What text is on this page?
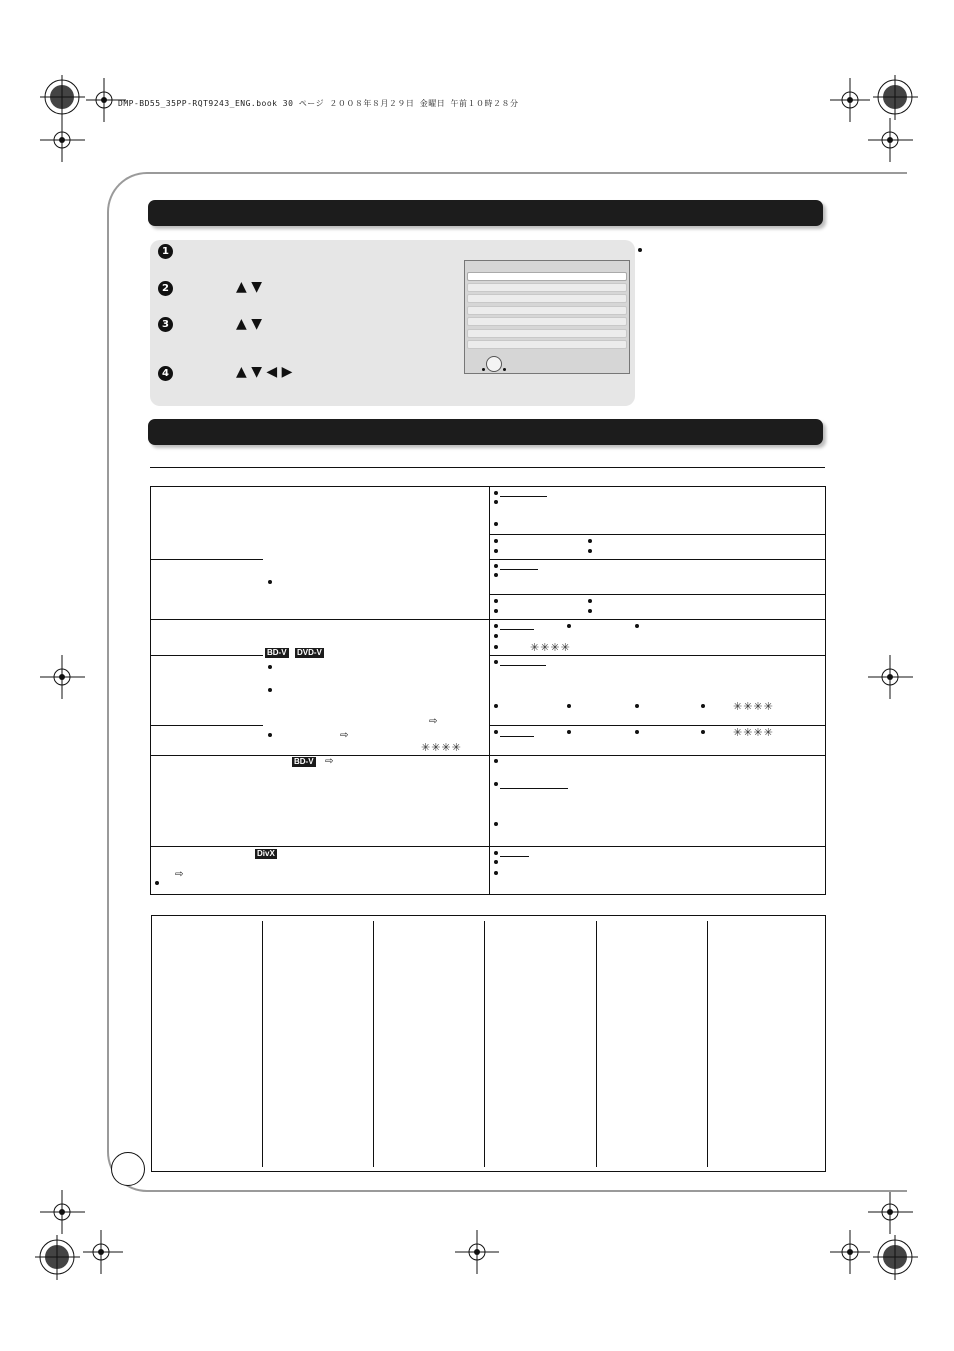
DMP-BD55_35PP-RQT9243_ENG.book 30 ページ ２００８年８月２９日 金曜日 午前１０時２８分
1
2
3
4
▲ ▼
▲ ▼
▲ ▼ ◀ ▶
BD-V DVD-V
⇨
⇨
✳✳✳✳
BD-V ⇨
DivX
⇨
✳✳✳✳
✳✳✳✳
✳✳✳✳
